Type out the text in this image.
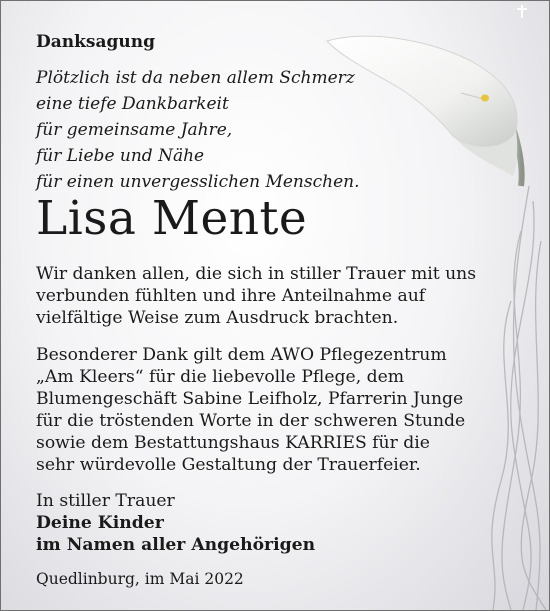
Danksagung
Plötzlich ist da neben allem Schmerz
eine tiefe Dankbarkeit
für gemeinsame Jahre,
für Liebe und Nähe
für einen unvergesslichen Menschen.
Lisa Mente
Wir danken allen, die sich in stiller Trauer mit uns
verbunden fühlten und ihre Anteilnahme auf
vielfältige Weise zum Ausdruck brachten.
Besonderer Dank gilt dem AWO Pflegezentrum
„Am Kleers“ für die liebevolle Pflege, dem
Blumengeschäft Sabine Leifholz, Pfarrerin Junge
für die tröstenden Worte in der schweren Stunde
sowie dem Bestattungshaus KARRIES für die
sehr würdevolle Gestaltung der Trauerfeier.
In stiller Trauer
Deine Kinder
im Namen aller Angehörigen
Quedlinburg, im Mai 2022
